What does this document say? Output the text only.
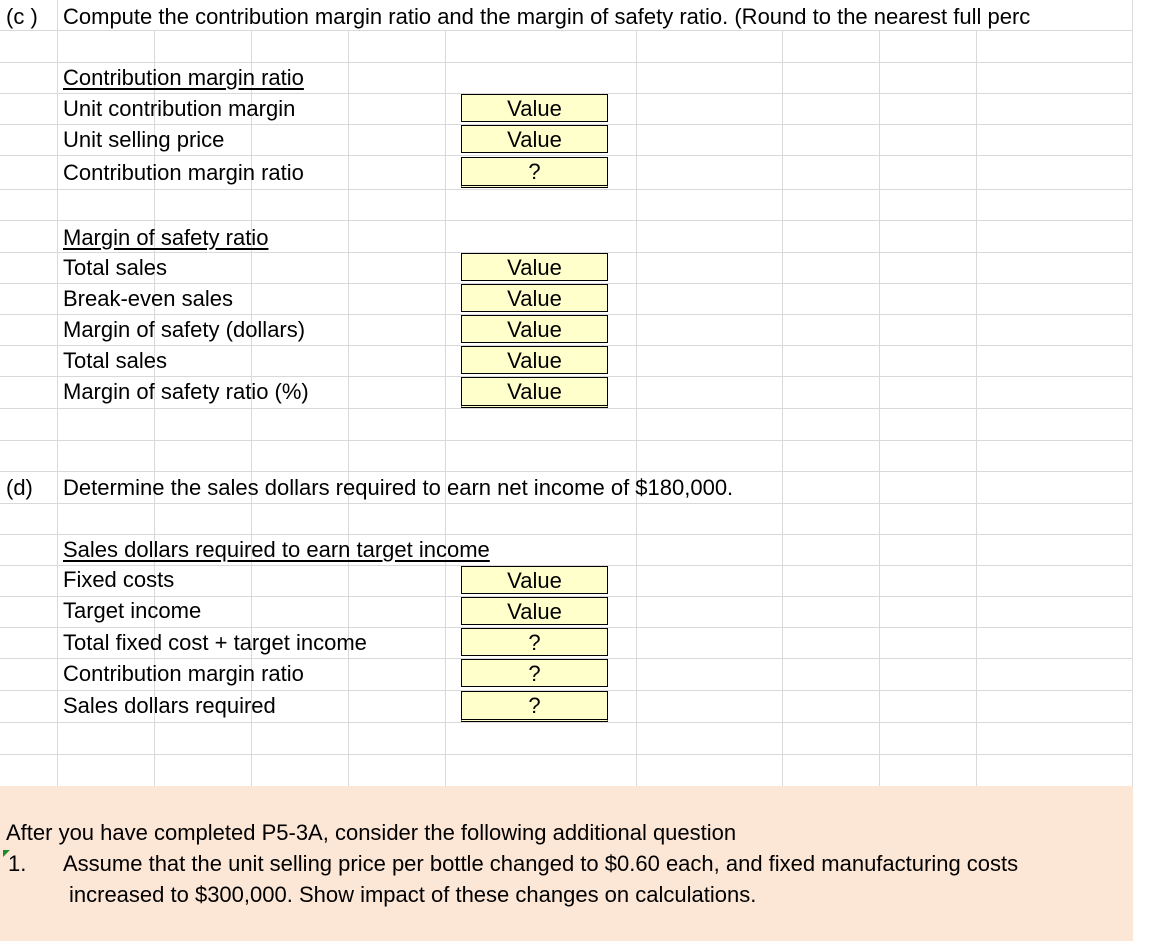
(c ) Compute the contribution margin ratio and the margin of safety ratio. (Round to the nearest full perc
Contribution margin ratio
Unit contribution margin
Unit selling price
Contribution margin ratio
Value
Value
?
Margin of safety ratio
Total sales
Break-even sales
Margin of safety (dollars)
Total sales
Margin of safety ratio (%)
Value
Value
Value
Value
Value
(d) Determine the sales dollars required to earn net income of $180,000.
Sales dollars required to earn target income
Fixed costs
Target income
Total fixed cost + target income
Contribution margin ratio
Sales dollars required
Value
Value
?
?
?
After you have completed P5-3A, consider the following additional question
1. Assume that the unit selling price per bottle changed to $0.60 each, and fixed manufacturing costs
increased to $300,000. Show impact of these changes on calculations.
